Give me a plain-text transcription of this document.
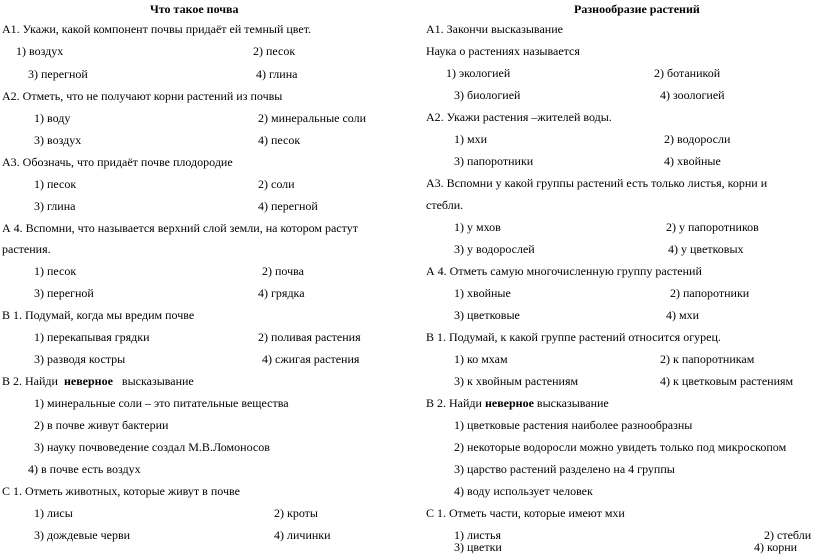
Что такое почва
А1. Укажи, какой компонент почвы придаёт ей темный цвет.
1) воздух	2) песок
3) перегной	4) глина
А2. Отметь, что не получают корни растений из почвы
1) воду	2) минеральные соли
3) воздух	4) песок
А3. Обозначь, что придаёт почве плодородие
1) песок	2) соли
3) глина	4) перегной
А 4. Вспомни, что называется верхний слой земли, на котором растут
растения.
1) песок	2) почва
3) перегной	4) грядка
В 1. Подумай, когда мы вредим почве
1) перекапывая грядки	2) поливая растения
3) разводя костры	4) сжигая растения
В 2. Найди  неверное   высказывание
1) минеральные соли – это питательные вещества
2) в почве живут бактерии
3) науку почвоведение создал М.В.Ломоносов
4) в почве есть воздух
С 1. Отметь животных, которые живут в почве
1) лисы	2) кроты
3) дождевые черви	4) личинки
Разнообразие растений
А1. Закончи высказывание
Наука о растениях называется
1) экологией	2) ботаникой
3) биологией	4) зоологией
А2. Укажи растения –жителей воды.
1) мхи	2) водоросли
3) папоротники	4) хвойные
А3. Вспомни у какой группы растений есть только листья, корни и
стебли.
1) у мхов	2) у папоротников
3) у водорослей	4) у цветковых
А 4. Отметь самую многочисленную группу растений
1) хвойные	2) папоротники
3) цветковые	4) мхи
В 1. Подумай, к какой группе растений относится огурец.
1) ко мхам	2) к папоротникам
3) к хвойным растениям	4) к цветковым растениям
В 2. Найди неверное высказывание
1) цветковые растения наиболее разнообразны
2) некоторые водоросли можно увидеть только под микроскопом
3) царство растений разделено на 4 группы
4) воду использует человек
С 1. Отметь части, которые имеют мхи
1) листья	2) стебли
3) цветки	4) корни
